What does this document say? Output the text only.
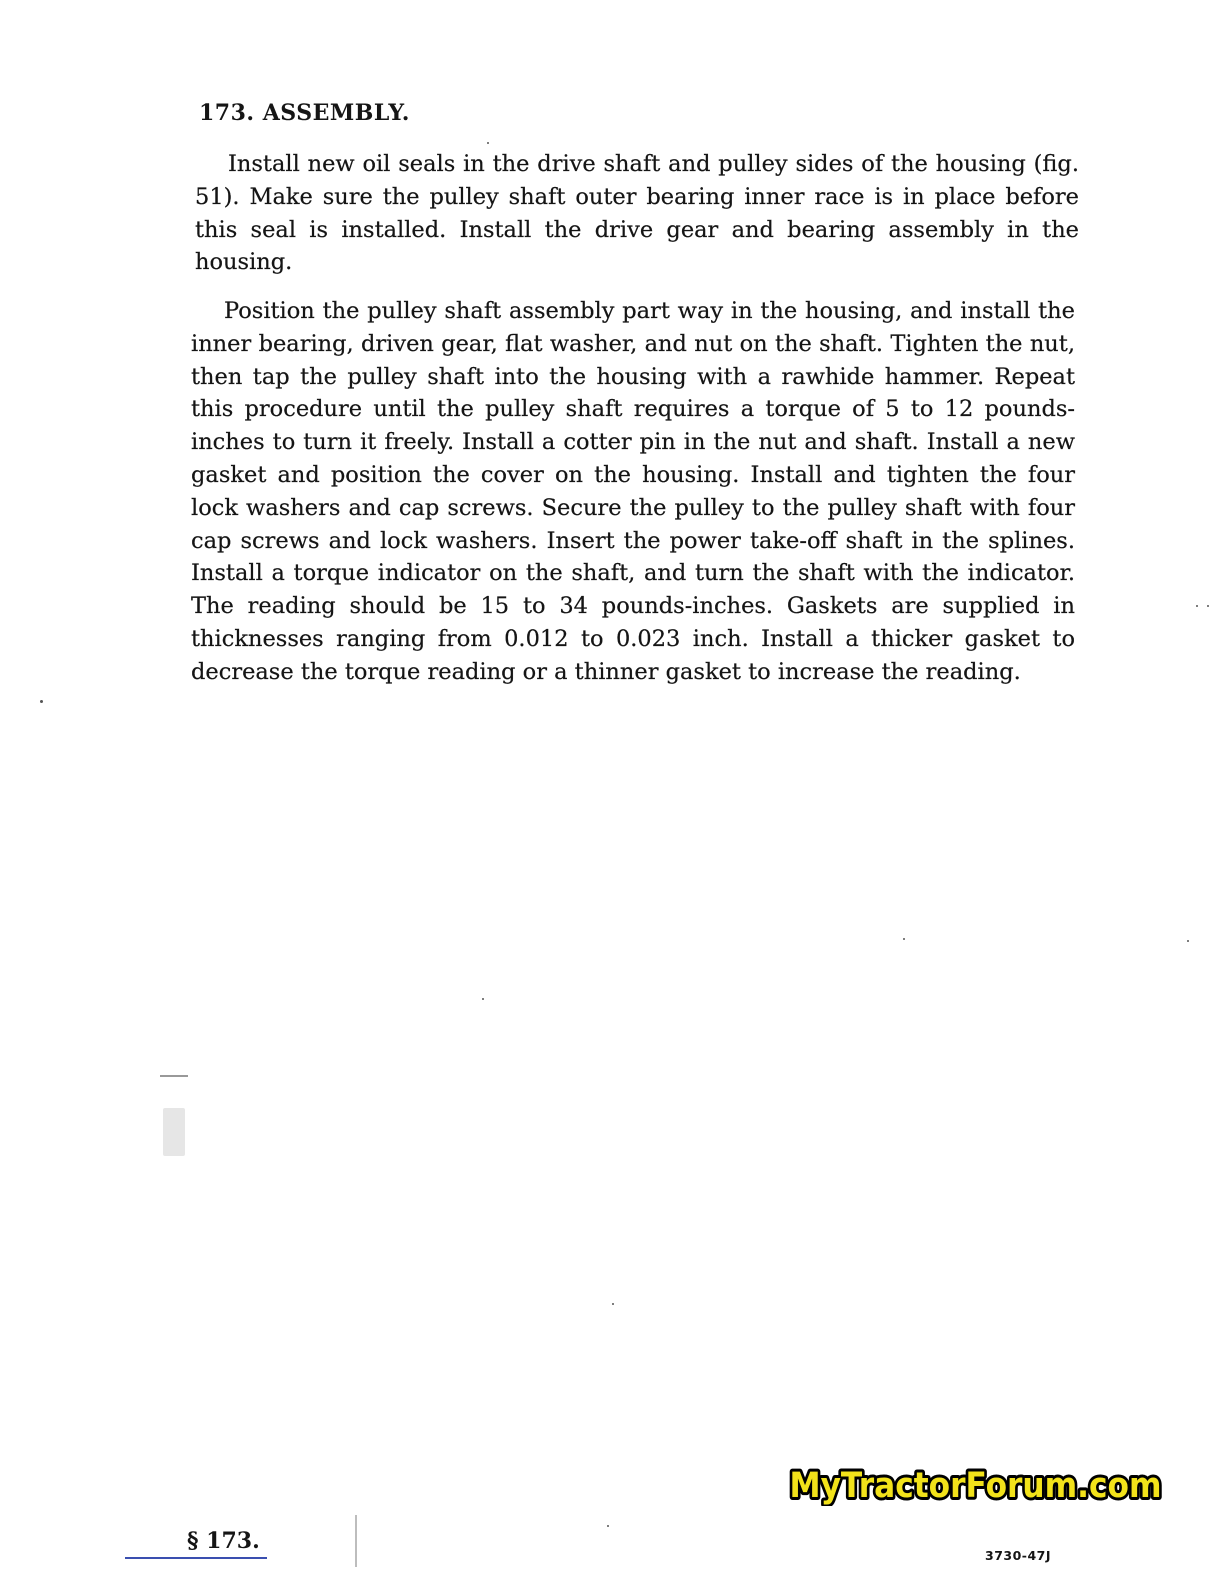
173. ASSEMBLY.

Install new oil seals in the drive shaft and pulley sides of the housing (fig. 51). Make sure the pulley shaft outer bearing inner race is in place before this seal is installed. Install the drive gear and bearing assembly in the housing.

Position the pulley shaft assembly part way in the housing, and install the inner bearing, driven gear, flat washer, and nut on the shaft. Tighten the nut, then tap the pulley shaft into the housing with a rawhide hammer. Repeat this procedure until the pulley shaft requires a torque of 5 to 12 pounds-inches to turn it freely. Install a cotter pin in the nut and shaft. Install a new gasket and position the cover on the housing. Install and tighten the four lock washers and cap screws. Secure the pulley to the pulley shaft with four cap screws and lock washers. Insert the power take-off shaft in the splines. Install a torque indicator on the shaft, and turn the shaft with the indicator. The reading should be 15 to 34 pounds-inches. Gaskets are supplied in thicknesses ranging from 0.012 to 0.023 inch. Install a thicker gasket to decrease the torque reading or a thinner gasket to increase the reading.

MyTractorForum.com

§ 173.

3730-47J
